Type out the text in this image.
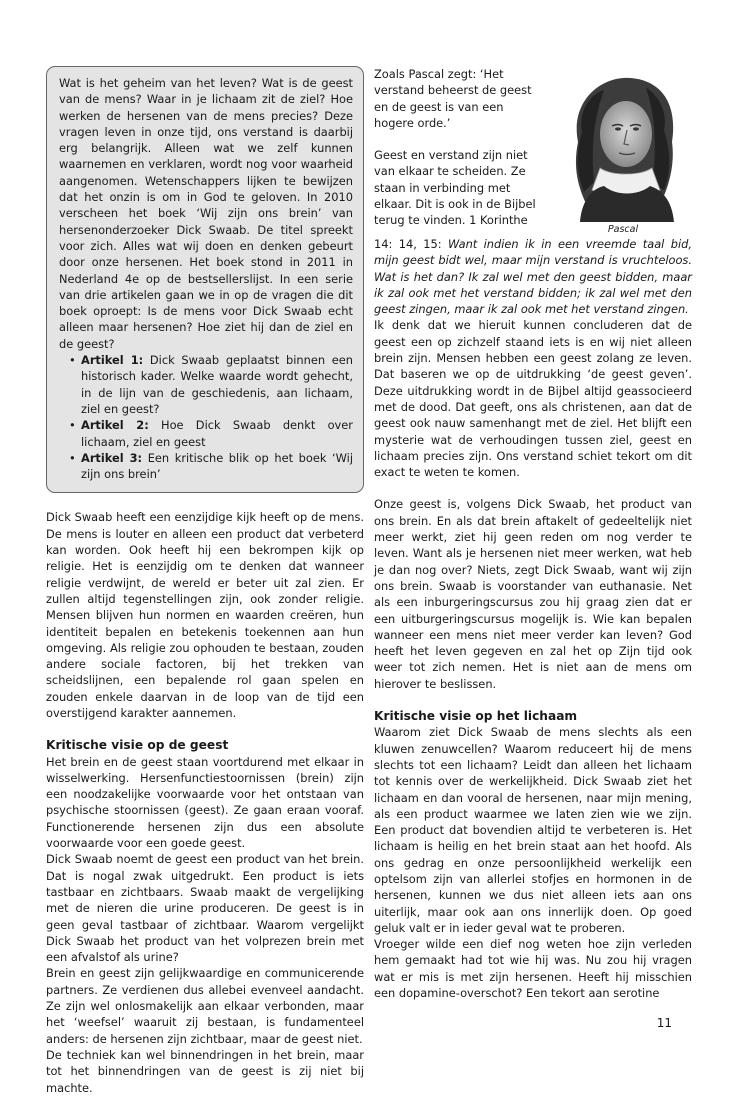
Wat is het geheim van het leven? Wat is de geest van de mens? Waar in je lichaam zit de ziel? Hoe werken de hersenen van de mens precies? Deze vragen leven in onze tijd, ons verstand is daarbij erg belangrijk. Alleen wat we zelf kunnen waarnemen en verklaren, wordt nog voor waarheid aangenomen. Wetenschappers lijken te bewijzen dat het onzin is om in God te geloven. In 2010 verscheen het boek ‘Wij zijn ons brein’ van hersenonderzoeker Dick Swaab. De titel spreekt voor zich. Alles wat wij doen en denken gebeurt door onze hersenen. Het boek stond in 2011 in Nederland 4e op de bestsellerslijst. In een serie van drie artikelen gaan we in op de vragen die dit boek oproept: Is de mens voor Dick Swaab echt alleen maar hersenen? Hoe ziet hij dan de ziel en de geest?

• Artikel 1: Dick Swaab geplaatst binnen een historisch kader. Welke waarde wordt gehecht, in de lijn van de geschiedenis, aan lichaam, ziel en geest?
• Artikel 2: Hoe Dick Swaab denkt over lichaam, ziel en geest
• Artikel 3: Een kritische blik op het boek ‘Wij zijn ons brein’

Dick Swaab heeft een eenzijdige kijk heeft op de mens. De mens is louter en alleen een product dat verbeterd kan worden. Ook heeft hij een bekrompen kijk op religie. Het is eenzijdig om te denken dat wanneer religie verdwijnt, de wereld er beter uit zal zien. Er zullen altijd tegenstellingen zijn, ook zonder religie. Mensen blijven hun normen en waarden creëren, hun identiteit bepalen en betekenis toekennen aan hun omgeving. Als religie zou ophouden te bestaan, zouden andere sociale factoren, bij het trekken van scheidslijnen, een bepalende rol gaan spelen en zouden enkele daarvan in de loop van de tijd een overstijgend karakter aannemen.

Kritische visie op de geest

Het brein en de geest staan voortdurend met elkaar in wisselwerking. Hersenfunctiestoornissen (brein) zijn een noodzakelijke voorwaarde voor het ontstaan van psychische stoornissen (geest). Ze gaan eraan vooraf. Functionerende hersenen zijn dus een absolute voorwaarde voor een goede geest.

Dick Swaab noemt de geest een product van het brein. Dat is nogal zwak uitgedrukt. Een product is iets tastbaar en zichtbaars. Swaab maakt de vergelijking met de nieren die urine produceren. De geest is in geen geval tastbaar of zichtbaar. Waarom vergelijkt Dick Swaab het product van het volprezen brein met een afvalstof als urine?

Brein en geest zijn gelijkwaardige en communicerende partners. Ze verdienen dus allebei evenveel aandacht. Ze zijn wel onlosmakelijk aan elkaar verbonden, maar het ‘weefsel’ waaruit zij bestaan, is fundamenteel anders: de hersenen zijn zichtbaar, maar de geest niet.

De techniek kan wel binnendringen in het brein, maar tot het binnendringen van de geest is zij niet bij machte.

Zoals Pascal zegt: ‘Het verstand beheerst de geest en de geest is van een hogere orde.’

Geest en verstand zijn niet van elkaar te scheiden. Ze staan in verbinding met elkaar. Dit is ook in de Bijbel terug te vinden. 1 Korinthe

Pascal

14: 14, 15: Want indien ik in een vreemde taal bid, mijn geest bidt wel, maar mijn verstand is vruchteloos. Wat is het dan? Ik zal wel met den geest bidden, maar ik zal ook met het verstand bidden; ik zal wel met den geest zingen, maar ik zal ook met het verstand zingen.

Ik denk dat we hieruit kunnen concluderen dat de geest een op zichzelf staand iets is en wij niet alleen brein zijn. Mensen hebben een geest zolang ze leven. Dat baseren we op de uitdrukking ‘de geest geven’. Deze uitdrukking wordt in de Bijbel altijd geassocieerd met de dood. Dat geeft, ons als christenen, aan dat de geest ook nauw samenhangt met de ziel. Het blijft een mysterie wat de verhoudingen tussen ziel, geest en lichaam precies zijn. Ons verstand schiet tekort om dit exact te weten te komen.

Onze geest is, volgens Dick Swaab, het product van ons brein. En als dat brein aftakelt of gedeeltelijk niet meer werkt, ziet hij geen reden om nog verder te leven. Want als je hersenen niet meer werken, wat heb je dan nog over? Niets, zegt Dick Swaab, want wij zijn ons brein. Swaab is voorstander van euthanasie. Net als een inburgeringscursus zou hij graag zien dat er een uitburgeringscursus mogelijk is. Wie kan bepalen wanneer een mens niet meer verder kan leven? God heeft het leven gegeven en zal het op Zijn tijd ook weer tot zich nemen. Het is niet aan de mens om hierover te beslissen.

Kritische visie op het lichaam

Waarom ziet Dick Swaab de mens slechts als een kluwen zenuwcellen? Waarom reduceert hij de mens slechts tot een lichaam? Leidt dan alleen het lichaam tot kennis over de werkelijkheid. Dick Swaab ziet het lichaam en dan vooral de hersenen, naar mijn mening, als een product waarmee we laten zien wie we zijn. Een product dat bovendien altijd te verbeteren is. Het lichaam is heilig en het brein staat aan het hoofd. Als ons gedrag en onze persoonlijkheid werkelijk een optelsom zijn van allerlei stofjes en hormonen in de hersenen, kunnen we dus niet alleen iets aan ons uiterlijk, maar ook aan ons innerlijk doen. Op goed geluk valt er in ieder geval wat te proberen.

Vroeger wilde een dief nog weten hoe zijn verleden hem gemaakt had tot wie hij was. Nu zou hij vragen wat er mis is met zijn hersenen. Heeft hij misschien een dopamine-overschot? Een tekort aan serotine

11
